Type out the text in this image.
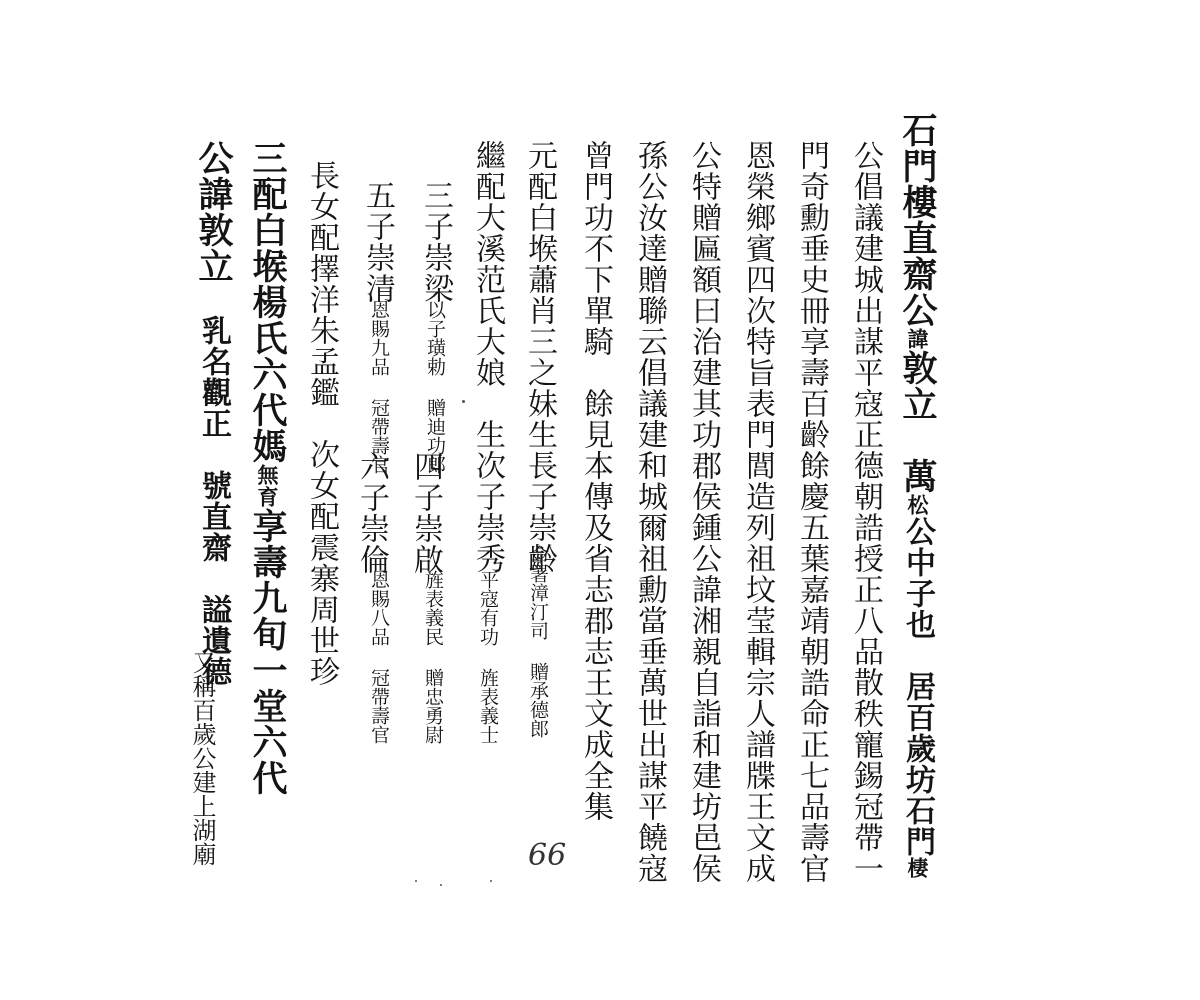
石門樓直齋公諱敦立　萬松公中子也　居百歲坊石門棲
公倡議建城出謀平寇正德朝誥授正八品散秩寵錫冠帶一
門奇勳垂史冊享壽百齡餘慶五葉嘉靖朝誥命正七品壽官
恩榮鄉賓四次特旨表門閭造列祖坟莹輯宗人譜牒王文成
公特贈匾額曰治建其功郡侯鍾公諱湘親自詣和建坊邑侯
孫公汝達贈聯云倡議建和城爾祖勳當垂萬世出謀平饒寇
曾門功不下單騎　餘見本傳及省志郡志王文成全集
元配白堠蕭肖三之妹生長子崇齡
命署漳汀司 贈承德郎
繼配大溪范氏大娘　生次子崇秀
平寇有功 旌表義士
三子崇梁
以子璜勅 贈迪功郎
　四子崇啟
旌表義民 贈忠勇尉
五子崇清
恩賜九品 冠帶壽官
　六子崇倫
恩賜八品 冠帶壽官
長女配擇洋朱孟鑑　次女配震寨周世珍
三配白堠楊氏六代媽無育享壽九旬一堂六代
公諱敦立　乳名觀正　號直齋　謚遺德
又稱百歲公建上湖廟	66
